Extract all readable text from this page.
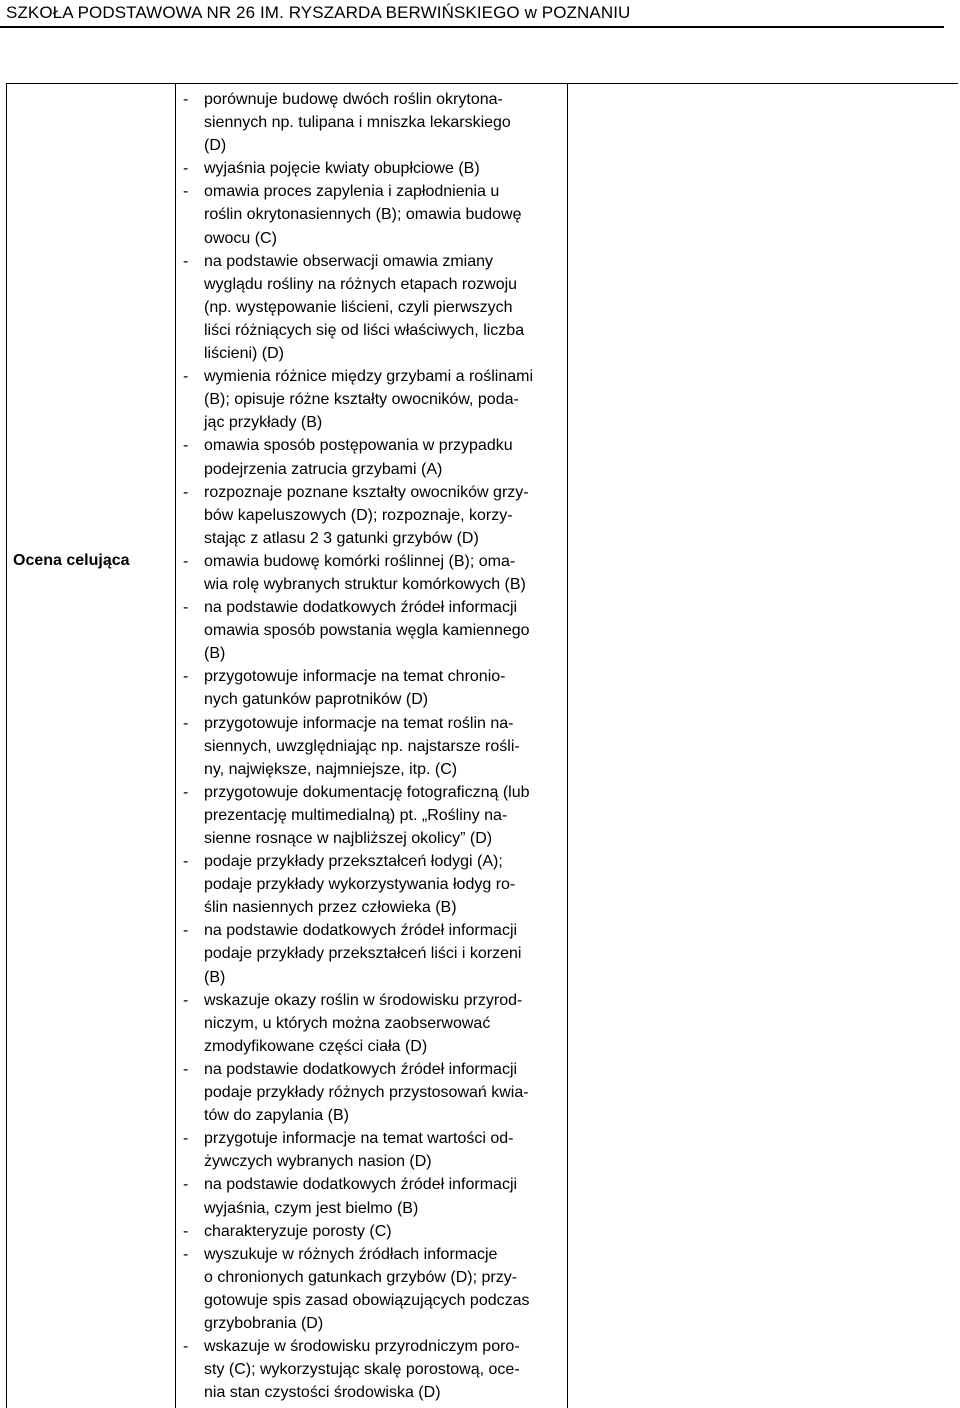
SZKOŁA PODSTAWOWA NR 26 IM. RYSZARDA BERWIŃSKIEGO w POZNANIU
Ocena celująca
- porównuje budowę dwóch roślin okrytona-
siennych np. tulipana i mniszka lekarskiego
(D)
- wyjaśnia pojęcie kwiaty obupłciowe (B)
- omawia proces zapylenia i zapłodnienia u
roślin okrytonasiennych (B); omawia budowę
owocu (C)
- na podstawie obserwacji omawia zmiany
wyglądu rośliny na różnych etapach rozwoju
(np. występowanie liścieni, czyli pierwszych
liści różniących się od liści właściwych, liczba
liścieni) (D)
- wymienia różnice między grzybami a roślinami
(B); opisuje różne kształty owocników, poda-
jąc przykłady (B)
- omawia sposób postępowania w przypadku
podejrzenia zatrucia grzybami (A)
- rozpoznaje poznane kształty owocników grzy-
bów kapeluszowych (D); rozpoznaje, korzy-
stając z atlasu 2 3 gatunki grzybów (D)
- omawia budowę komórki roślinnej (B); oma-
wia rolę wybranych struktur komórkowych (B)
- na podstawie dodatkowych źródeł informacji
omawia sposób powstania węgla kamiennego
(B)
- przygotowuje informacje na temat chronio-
nych gatunków paprotników (D)
- przygotowuje informacje na temat roślin na-
siennych, uwzględniając np. najstarsze rośli-
ny, największe, najmniejsze, itp. (C)
- przygotowuje dokumentację fotograficzną (lub
prezentację multimedialną) pt. „Rośliny na-
sienne rosnące w najbliższej okolicy” (D)
- podaje przykłady przekształceń łodygi (A);
podaje przykłady wykorzystywania łodyg ro-
ślin nasiennych przez człowieka (B)
- na podstawie dodatkowych źródeł informacji
podaje przykłady przekształceń liści i korzeni
(B)
- wskazuje okazy roślin w środowisku przyrod-
niczym, u których można zaobserwować
zmodyfikowane części ciała (D)
- na podstawie dodatkowych źródeł informacji
podaje przykłady różnych przystosowań kwia-
tów do zapylania (B)
- przygotuje informacje na temat wartości od-
żywczych wybranych nasion (D)
- na podstawie dodatkowych źródeł informacji
wyjaśnia, czym jest bielmo (B)
- charakteryzuje porosty (C)
- wyszukuje w różnych źródłach informacje
o chronionych gatunkach grzybów (D); przy-
gotowuje spis zasad obowiązujących podczas
grzybobrania (D)
- wskazuje w środowisku przyrodniczym poro-
sty (C); wykorzystując skalę porostową, oce-
nia stan czystości środowiska (D)
